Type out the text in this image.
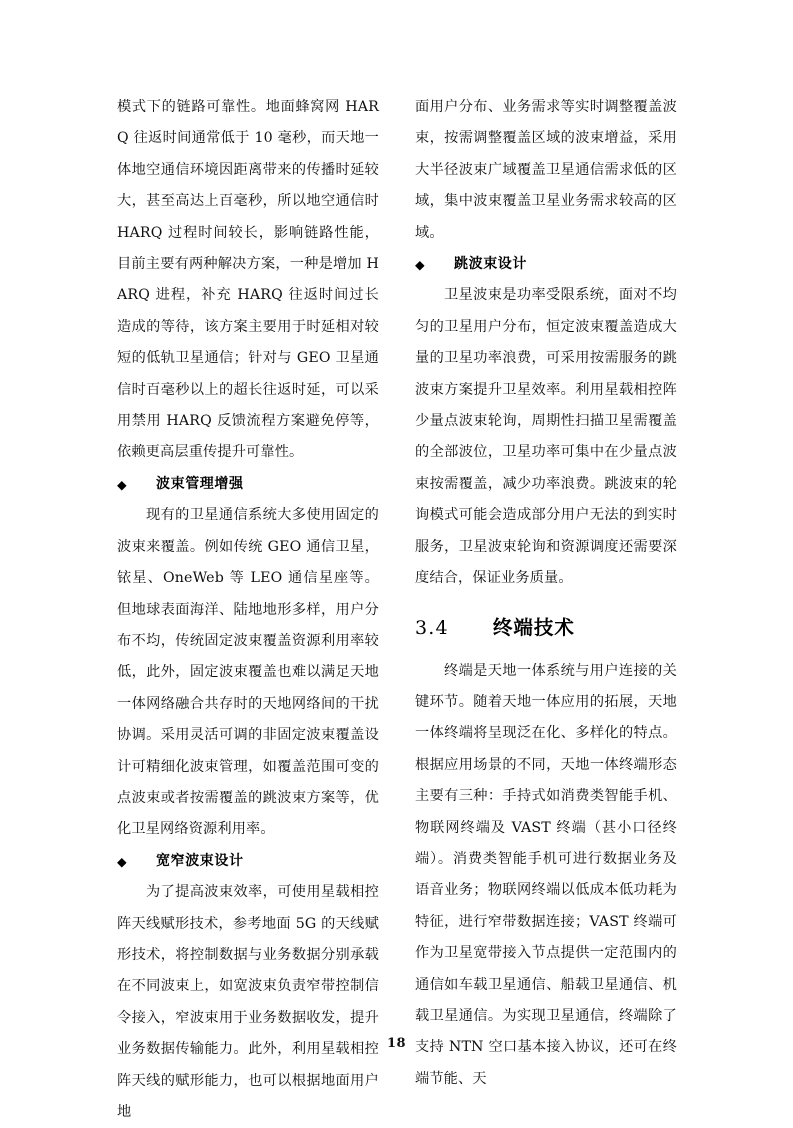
模式下的链路可靠性。地面蜂窝网 HARQ 往返时间通常低于 10 毫秒，而天地一体地空通信环境因距离带来的传播时延较大，甚至高达上百毫秒，所以地空通信时 HARQ 过程时间较长，影响链路性能，目前主要有两种解决方案，一种是增加 HARQ 进程，补充 HARQ 往返时间过长造成的等待，该方案主要用于时延相对较短的低轨卫星通信；针对与 GEO 卫星通信时百毫秒以上的超长往返时延，可以采用禁用 HARQ 反馈流程方案避免停等，依赖更高层重传提升可靠性。

◆ 波束管理增强

现有的卫星通信系统大多使用固定的波束来覆盖。例如传统 GEO 通信卫星，铱星、OneWeb 等 LEO 通信星座等。但地球表面海洋、陆地地形多样，用户分布不均，传统固定波束覆盖资源利用率较低，此外，固定波束覆盖也难以满足天地一体网络融合共存时的天地网络间的干扰协调。采用灵活可调的非固定波束覆盖设计可精细化波束管理，如覆盖范围可变的点波束或者按需覆盖的跳波束方案等，优化卫星网络资源利用率。

◆ 宽窄波束设计

为了提高波束效率，可使用星载相控阵天线赋形技术，参考地面 5G 的天线赋形技术，将控制数据与业务数据分别承载在不同波束上，如宽波束负责窄带控制信令接入，窄波束用于业务数据收发，提升业务数据传输能力。此外，利用星载相控阵天线的赋形能力，也可以根据地面用户地

面用户分布、业务需求等实时调整覆盖波束，按需调整覆盖区域的波束增益，采用大半径波束广域覆盖卫星通信需求低的区域，集中波束覆盖卫星业务需求较高的区域。

◆ 跳波束设计

卫星波束是功率受限系统，面对不均匀的卫星用户分布，恒定波束覆盖造成大量的卫星功率浪费，可采用按需服务的跳波束方案提升卫星效率。利用星载相控阵少量点波束轮询，周期性扫描卫星需覆盖的全部波位，卫星功率可集中在少量点波束按需覆盖，减少功率浪费。跳波束的轮询模式可能会造成部分用户无法的到实时服务，卫星波束轮询和资源调度还需要深度结合，保证业务质量。

3.4 终端技术

终端是天地一体系统与用户连接的关键环节。随着天地一体应用的拓展，天地一体终端将呈现泛在化、多样化的特点。根据应用场景的不同，天地一体终端形态主要有三种：手持式如消费类智能手机、物联网终端及 VAST 终端（甚小口径终端）。消费类智能手机可进行数据业务及语音业务；物联网终端以低成本低功耗为特征，进行窄带数据连接；VAST 终端可作为卫星宽带接入节点提供一定范围内的通信如车载卫星通信、船载卫星通信、机载卫星通信。为实现卫星通信，终端除了支持 NTN 空口基本接入协议，还可在终端节能、天

18
